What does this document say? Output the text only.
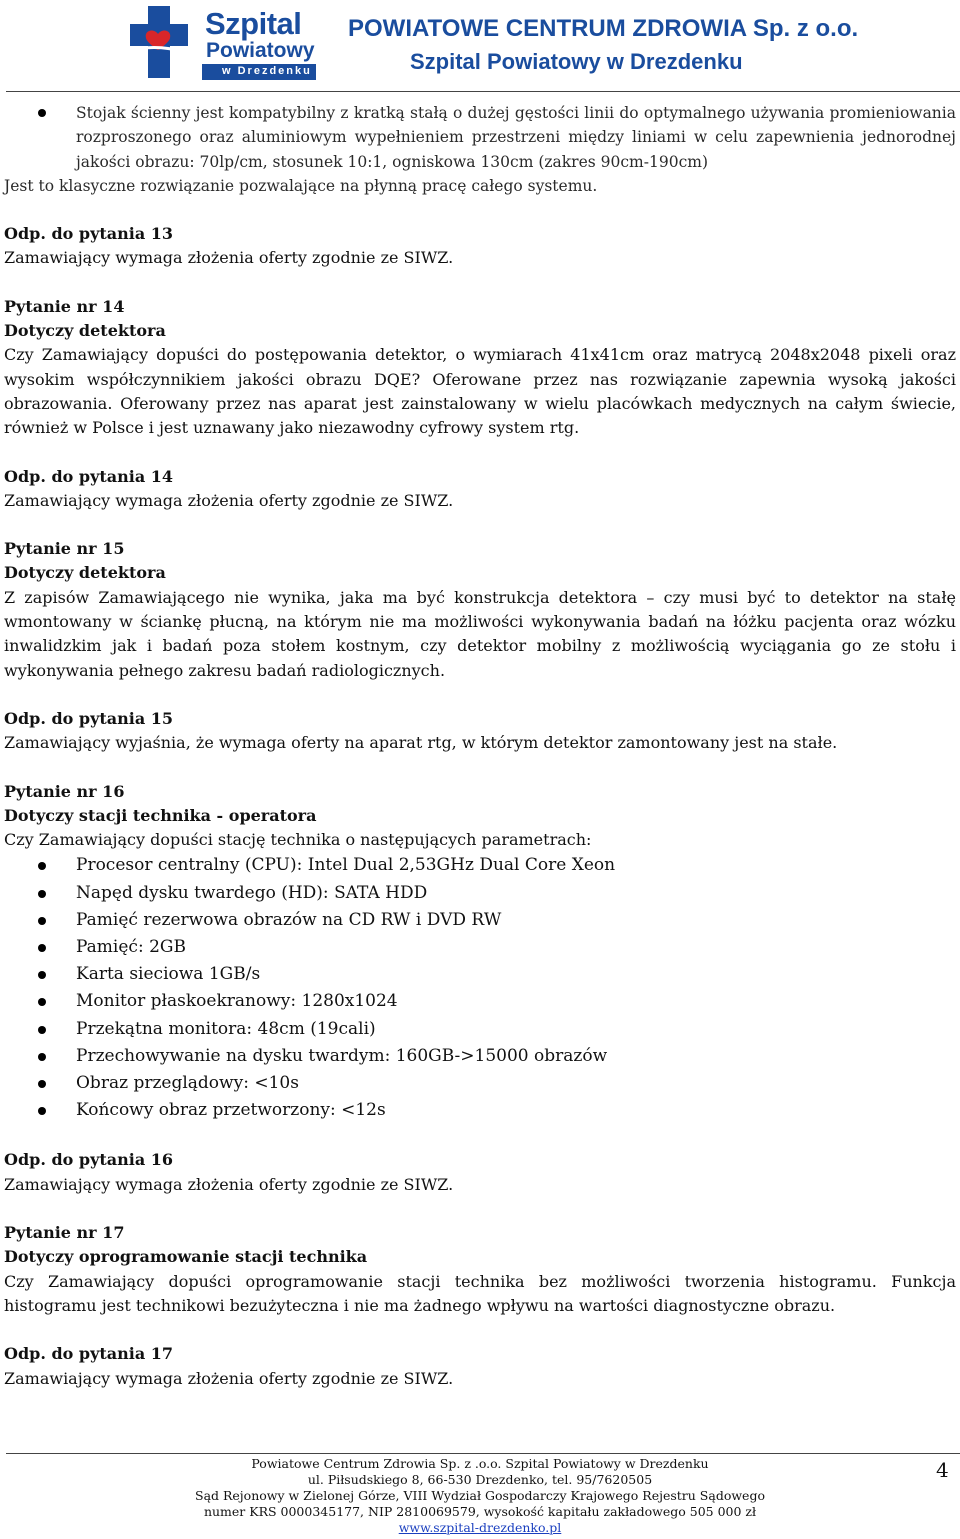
Szpital
Powiatowy
w Drezdenku
POWIATOWE CENTRUM ZDROWIA Sp. z o.o.
Szpital Powiatowy w Drezdenku

Stojak ścienny jest kompatybilny z kratką stałą o dużej gęstości linii do optymalnego używania promieniowania rozproszonego oraz aluminiowym wypełnieniem przestrzeni między liniami w celu zapewnienia jednorodnej jakości obrazu: 70lp/cm, stosunek 10:1, ogniskowa 130cm (zakres 90cm-190cm)

Jest to klasyczne rozwiązanie pozwalające na płynną pracę całego systemu.

Odp. do pytania 13

Zamawiający wymaga złożenia oferty zgodnie ze SIWZ.

Pytanie nr 14

Dotyczy detektora

Czy Zamawiający dopuści do postępowania detektor, o wymiarach 41x41cm oraz matrycą 2048x2048 pixeli oraz wysokim współczynnikiem jakości obrazu DQE? Oferowane przez nas rozwiązanie zapewnia wysoką jakości obrazowania. Oferowany przez nas aparat jest zainstalowany w wielu placówkach medycznych na całym świecie, również w Polsce i jest uznawany jako niezawodny cyfrowy system rtg.

Odp. do pytania 14

Zamawiający wymaga złożenia oferty zgodnie ze SIWZ.

Pytanie nr 15

Dotyczy detektora

Z zapisów Zamawiającego nie wynika, jaka ma być konstrukcja detektora – czy musi być to detektor na stałę wmontowany w ściankę płucną, na którym nie ma możliwości wykonywania badań na łóżku pacjenta oraz wózku inwalidzkim jak i badań poza stołem kostnym, czy detektor mobilny z możliwością wyciągania go ze stołu i wykonywania pełnego zakresu badań radiologicznych.

Odp. do pytania 15

Zamawiający wyjaśnia, że wymaga oferty na aparat rtg, w którym detektor zamontowany jest na stałe.

Pytanie nr 16

Dotyczy stacji technika - operatora

Czy Zamawiający dopuści stację technika o następujących parametrach:

Procesor centralny (CPU): Intel Dual 2,53GHz Dual Core Xeon
Napęd dysku twardego (HD): SATA HDD
Pamięć rezerwowa obrazów na CD RW i DVD RW
Pamięć: 2GB
Karta sieciowa 1GB/s
Monitor płaskoekranowy: 1280x1024
Przekątna monitora: 48cm (19cali)
Przechowywanie na dysku twardym: 160GB->15000 obrazów
Obraz przeglądowy: <10s
Końcowy obraz przetworzony: <12s

Odp. do pytania 16

Zamawiający wymaga złożenia oferty zgodnie ze SIWZ.

Pytanie nr 17

Dotyczy oprogramowanie stacji technika

Czy Zamawiający dopuści oprogramowanie stacji technika bez możliwości tworzenia histogramu. Funkcja histogramu jest technikowi bezużyteczna i nie ma żadnego wpływu na wartości diagnostyczne obrazu.

Odp. do pytania 17

Zamawiający wymaga złożenia oferty zgodnie ze SIWZ.

Powiatowe Centrum Zdrowia Sp. z .o.o. Szpital Powiatowy w Drezdenku
ul. Piłsudskiego 8, 66-530 Drezdenko, tel. 95/7620505
Sąd Rejonowy w Zielonej Górze, VIII Wydział Gospodarczy Krajowego Rejestru Sądowego
numer KRS 0000345177, NIP 2810069579, wysokość kapitału zakładowego 505 000 zł
www.szpital-drezdenko.pl
4
